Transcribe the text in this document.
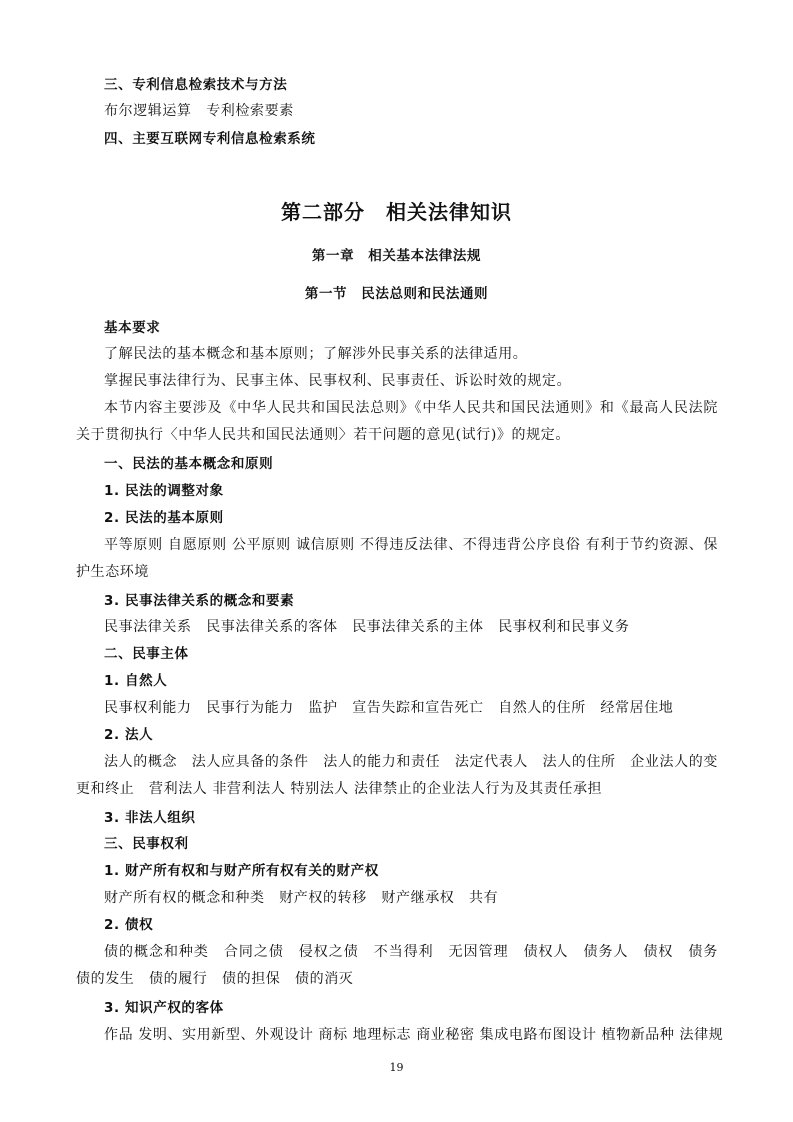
三、专利信息检索技术与方法

布尔逻辑运算　专利检索要素

四、主要互联网专利信息检索系统

第二部分　相关法律知识
第一章　相关基本法律法规
第一节　民法总则和民法通则

基本要求

了解民法的基本概念和基本原则；了解涉外民事关系的法律适用。

掌握民事法律行为、民事主体、民事权利、民事责任、诉讼时效的规定。

本节内容主要涉及《中华人民共和国民法总则》《中华人民共和国民法通则》和《最高人民法院关于贯彻执行〈中华人民共和国民法通则〉若干问题的意见(试行)》的规定。

一、民法的基本概念和原则

1. 民法的调整对象

2. 民法的基本原则

平等原则 自愿原则 公平原则 诚信原则 不得违反法律、不得违背公序良俗 有利于节约资源、保护生态环境

3. 民事法律关系的概念和要素

民事法律关系　民事法律关系的客体　民事法律关系的主体　民事权利和民事义务

二、民事主体

1. 自然人

民事权利能力　民事行为能力　监护　宣告失踪和宣告死亡　自然人的住所　经常居住地

2. 法人

法人的概念　法人应具备的条件　法人的能力和责任　法定代表人　法人的住所　企业法人的变更和终止　营利法人 非营利法人 特别法人 法律禁止的企业法人行为及其责任承担

3. 非法人组织

三、民事权利

1. 财产所有权和与财产所有权有关的财产权

财产所有权的概念和种类　财产权的转移　财产继承权　共有

2. 债权

债的概念和种类　合同之债　侵权之债　不当得利　无因管理　债权人　债务人　债权　债务　债的发生　债的履行　债的担保　债的消灭

3. 知识产权的客体

作品 发明、实用新型、外观设计 商标 地理标志 商业秘密 集成电路布图设计 植物新品种 法律规

19
